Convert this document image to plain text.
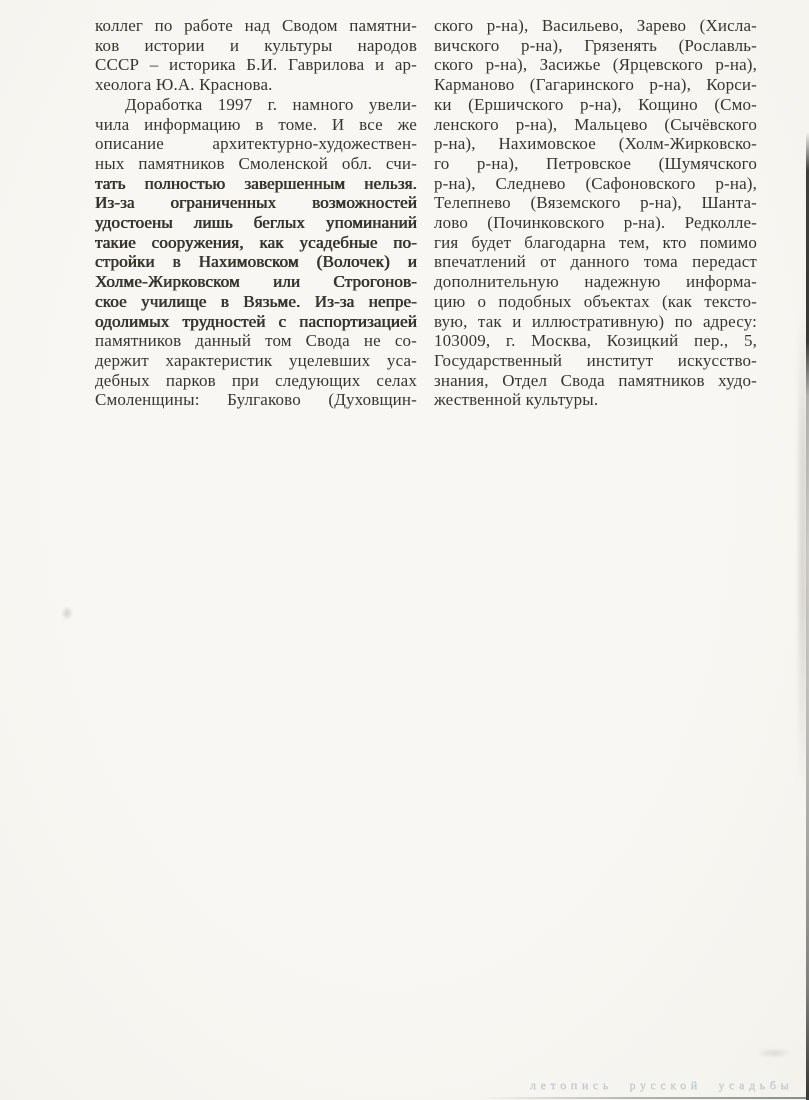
коллег по работе над Сводом памятни-
ков истории и культуры народов
СССР – историка Б.И. Гаврилова и ар-
хеолога Ю.А. Краснова.
Доработка 1997 г. намного увели-
чила информацию в томе. И все же
описание архитектурно-художествен-
ных памятников Смоленской обл. счи-
тать полностью завершенным нельзя.
Из-за ограниченных возможностей
удостоены лишь беглых упоминаний
такие сооружения, как усадебные по-
стройки в Нахимовском (Волочек) и
Холме-Жирковском или Строгонов-
ское училище в Вязьме. Из-за непре-
одолимых трудностей с паспортизацией
памятников данный том Свода не со-
держит характеристик уцелевших уса-
дебных парков при следующих селах
Смоленщины: Булгаково (Духовщин-
ского р-на), Васильево, Зарево (Хисла-
вичского р-на), Грязенять (Рославль-
ского р-на), Засижье (Ярцевского р-на),
Карманово (Гагаринского р-на), Корси-
ки (Ершичского р-на), Кощино (Смо-
ленского р-на), Мальцево (Сычёвского
р-на), Нахимовское (Холм-Жирковско-
го р-на), Петровское (Шумячского
р-на), Следнево (Сафоновского р-на),
Телепнево (Вяземского р-на), Шанта-
лово (Починковского р-на). Редколле-
гия будет благодарна тем, кто помимо
впечатлений от данного тома передаст
дополнительную надежную информа-
цию о подобных объектах (как тексто-
вую, так и иллюстративную) по адресу:
103009, г. Москва, Козицкий пер., 5,
Государственный институт искусство-
знания, Отдел Свода памятников худо-
жественной культуры.
летопись русской усадьбы
